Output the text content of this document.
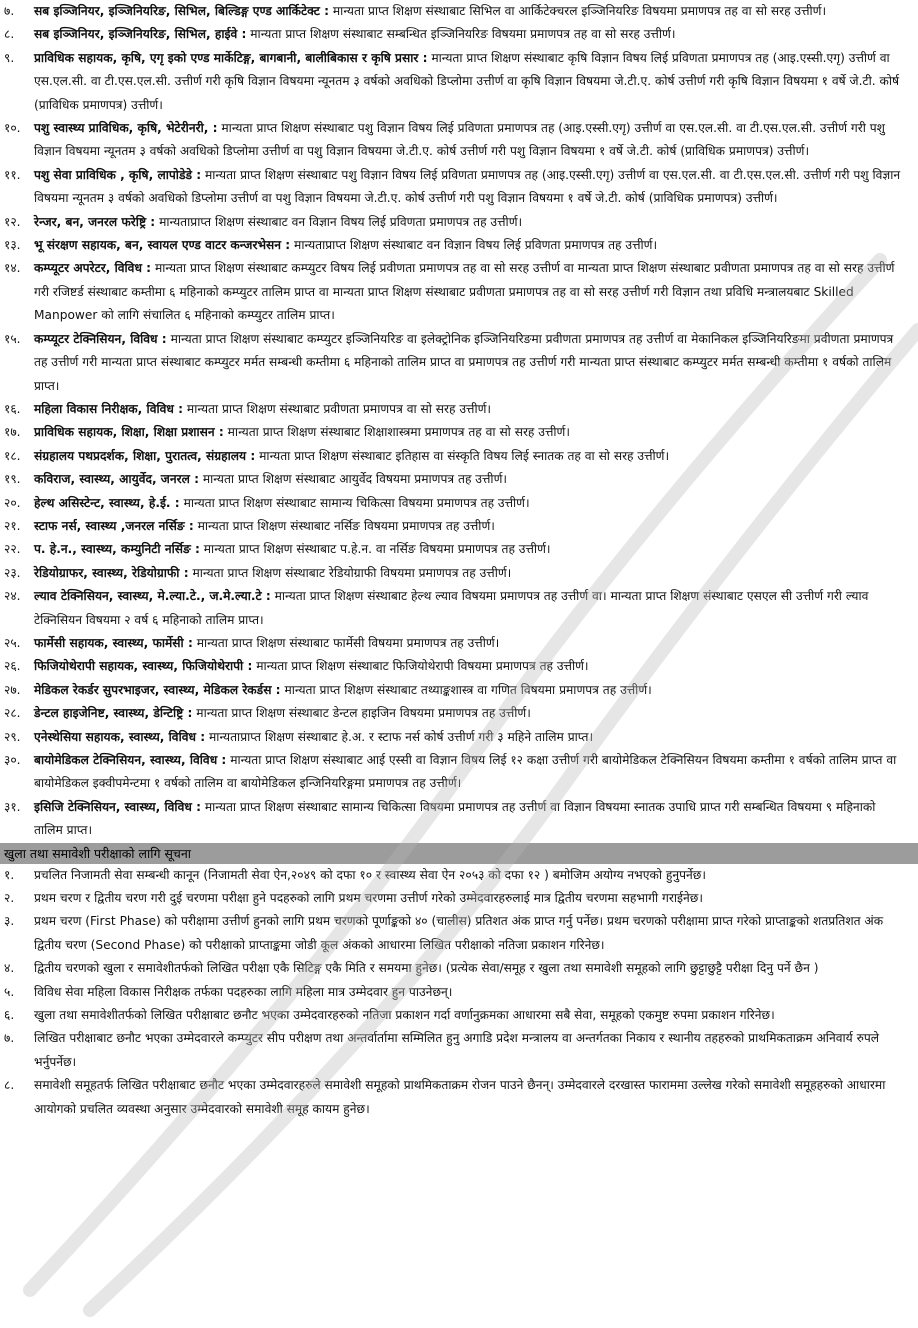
७.	सब इञ्जिनियर, इञ्जिनियरिङ, सिभिल, बिल्डिङ्ग एण्ड आर्किटेक्ट : मान्यता प्राप्त शिक्षण संस्थाबाट सिभिल वा आर्किटेक्चरल इञ्जिनियरिङ विषयमा प्रमाणपत्र तह वा सो सरह उत्तीर्ण।
८.	सब इञ्जिनियर, इञ्जिनियरिङ, सिभिल, हाईवे : मान्यता प्राप्त शिक्षण संस्थाबाट सम्बन्धित इञ्जिनियरिङ विषयमा प्रमाणपत्र तह वा सो सरह उत्तीर्ण।
९.	प्राविधिक सहायक, कृषि, एगृ इको एण्ड मार्केटिङ्ग, बागबानी, बालीबिकास र कृषि प्रसार : मान्यता प्राप्त शिक्षण संस्थाबाट कृषि विज्ञान विषय लिई प्रविणता प्रमाणपत्र तह (आइ.एस्सी.एगृ) उत्तीर्ण वा एस.एल.सी. वा टी.एस.एल.सी. उत्तीर्ण गरी कृषि विज्ञान विषयमा न्यूनतम ३ वर्षको अवधिको डिप्लोमा उत्तीर्ण वा कृषि विज्ञान विषयमा जे.टी.ए. कोर्ष उत्तीर्ण गरी कृषि विज्ञान विषयमा १ वर्षे जे.टी. कोर्ष (प्राविधिक प्रमाणपत्र) उत्तीर्ण।
१०.	पशु स्वास्थ्य प्राविधिक, कृषि, भेटेरीनरी, : मान्यता प्राप्त शिक्षण संस्थाबाट पशु विज्ञान विषय लिई प्रविणता प्रमाणपत्र तह (आइ.एस्सी.एगृ) उत्तीर्ण वा एस.एल.सी. वा टी.एस.एल.सी. उत्तीर्ण गरी पशु विज्ञान विषयमा न्यूनतम ३ वर्षको अवधिको डिप्लोमा उत्तीर्ण वा पशु विज्ञान विषयमा जे.टी.ए. कोर्ष उत्तीर्ण गरी पशु विज्ञान विषयमा १ वर्षे जे.टी. कोर्ष (प्राविधिक प्रमाणपत्र) उत्तीर्ण।
११.	पशु सेवा प्राविधिक , कृषि, लापोडेडे : मान्यता प्राप्त शिक्षण संस्थाबाट पशु विज्ञान विषय लिई प्रविणता प्रमाणपत्र तह (आइ.एस्सी.एगृ) उत्तीर्ण वा एस.एल.सी. वा टी.एस.एल.सी. उत्तीर्ण गरी पशु विज्ञान विषयमा न्यूनतम ३ वर्षको अवधिको डिप्लोमा उत्तीर्ण वा पशु विज्ञान विषयमा जे.टी.ए. कोर्ष उत्तीर्ण गरी पशु विज्ञान विषयमा १ वर्षे जे.टी. कोर्ष (प्राविधिक प्रमाणपत्र) उत्तीर्ण।
१२.	रेन्जर, बन, जनरल फरेष्ट्रि : मान्यताप्राप्त शिक्षण संस्थाबाट वन विज्ञान विषय लिई प्रविणता प्रमाणपत्र तह उत्तीर्ण।
१३.	भू संरक्षण सहायक, बन, स्वायल एण्ड वाटर कन्जरभेसन : मान्यताप्राप्त शिक्षण संस्थाबाट वन विज्ञान विषय लिई प्रविणता प्रमाणपत्र तह उत्तीर्ण।
१४.	कम्प्यूटर अपरेटर, विविध : मान्यता प्राप्त शिक्षण संस्थाबाट कम्प्युटर विषय लिई प्रवीणता प्रमाणपत्र तह वा सो सरह उत्तीर्ण वा मान्यता प्राप्त शिक्षण संस्थाबाट प्रवीणता प्रमाणपत्र तह वा सो सरह उत्तीर्ण गरी रजिष्टर्ड संस्थाबाट कम्तीमा ६ महिनाको कम्प्युटर तालिम प्राप्त वा मान्यता प्राप्त शिक्षण संस्थाबाट प्रवीणता प्रमाणपत्र तह वा सो सरह उत्तीर्ण गरी विज्ञान तथा प्रविधि मन्त्रालयबाट Skilled Manpower को लागि संचालित ६ महिनाको कम्प्युटर तालिम प्राप्त।
१५.	कम्प्यूटर टेक्निसियन, विविध : मान्यता प्राप्त शिक्षण संस्थाबाट कम्प्युटर इञ्जिनियरिङ वा इलेक्ट्रोनिक इञ्जिनियरिङमा प्रवीणता प्रमाणपत्र तह उत्तीर्ण वा मेकानिकल इञ्जिनियरिङमा प्रवीणता प्रमाणपत्र तह उत्तीर्ण गरी मान्यता प्राप्त संस्थाबाट कम्प्युटर मर्मत सम्बन्धी कम्तीमा ६ महिनाको तालिम प्राप्त वा प्रमाणपत्र तह उत्तीर्ण गरी मान्यता प्राप्त संस्थाबाट कम्प्युटर मर्मत सम्बन्धी कम्तीमा १ वर्षको तालिम प्राप्त।
१६.	महिला विकास निरीक्षक, विविध : मान्यता प्राप्त शिक्षण संस्थाबाट प्रवीणता प्रमाणपत्र वा सो सरह उत्तीर्ण।
१७.	प्राविधिक सहायक, शिक्षा, शिक्षा प्रशासन : मान्यता प्राप्त शिक्षण संस्थाबाट शिक्षाशास्त्रमा प्रमाणपत्र तह वा सो सरह उत्तीर्ण।
१८.	संग्रहालय पथप्रदर्शक, शिक्षा, पुरातत्व, संग्रहालय : मान्यता प्राप्त शिक्षण संस्थाबाट इतिहास वा संस्कृति विषय लिई स्नातक तह वा सो सरह उत्तीर्ण।
१९.	कविराज, स्वास्थ्य, आयुर्वेद, जनरल : मान्यता प्राप्त शिक्षण संस्थाबाट आयुर्वेद विषयमा प्रमाणपत्र तह उत्तीर्ण।
२०.	हेल्थ असिस्टेन्ट, स्वास्थ्य, हे.ई. : मान्यता प्राप्त शिक्षण संस्थाबाट सामान्य चिकित्सा विषयमा प्रमाणपत्र तह उत्तीर्ण।
२१.	स्टाफ नर्स, स्वास्थ्य ,जनरल नर्सिङ : मान्यता प्राप्त शिक्षण संस्थाबाट नर्सिङ विषयमा प्रमाणपत्र तह उत्तीर्ण।
२२.	प. हे.न., स्वास्थ्य, कम्युनिटी नर्सिङ : मान्यता प्राप्त शिक्षण संस्थाबाट प.हे.न. वा नर्सिङ विषयमा प्रमाणपत्र तह उत्तीर्ण।
२३.	रेडियोग्राफर, स्वास्थ्य, रेडियोग्राफी : मान्यता प्राप्त शिक्षण संस्थाबाट रेडियोग्राफी विषयमा प्रमाणपत्र तह उत्तीर्ण।
२४.	ल्याव टेक्निसियन, स्वास्थ्य, मे.ल्या.टे., ज.मे.ल्या.टे : मान्यता प्राप्त शिक्षण संस्थाबाट हेल्थ ल्याव विषयमा प्रमाणपत्र तह उत्तीर्ण वा। मान्यता प्राप्त शिक्षण संस्थाबाट एसएल सी उत्तीर्ण गरी ल्याव टेक्निसियन विषयमा २ वर्ष ६ महिनाको तालिम प्राप्त।
२५.	फार्मेसी सहायक, स्वास्थ्य, फार्मेसी : मान्यता प्राप्त शिक्षण संस्थाबाट फार्मेसी विषयमा प्रमाणपत्र तह उत्तीर्ण।
२६.	फिजियोथेरापी सहायक, स्वास्थ्य, फिजियोथेरापी : मान्यता प्राप्त शिक्षण संस्थाबाट फिजियोथेरापी विषयमा प्रमाणपत्र तह उत्तीर्ण।
२७.	मेडिकल रेकर्डर सुपरभाइजर, स्वास्थ्य, मेडिकल रेकर्डस : मान्यता प्राप्त शिक्षण संस्थाबाट तथ्याङ्कशास्त्र वा गणित विषयमा प्रमाणपत्र तह उत्तीर्ण।
२८.	डेन्टल हाइजेनिष्ट, स्वास्थ्य, डेन्टिष्ट्रि : मान्यता प्राप्त शिक्षण संस्थाबाट डेन्टल हाइजिन विषयमा प्रमाणपत्र तह उत्तीर्ण।
२९.	एनेस्थेसिया सहायक, स्वास्थ्य, विविध : मान्यताप्राप्त शिक्षण संस्थाबाट हे.अ. र स्टाफ नर्स कोर्ष उत्तीर्ण गरी ३ महिने तालिम प्राप्त।
३०.	बायोमेडिकल टेक्निसियन, स्वास्थ्य, विविध : मान्यता प्राप्त शिक्षण संस्थाबाट आई एस्सी वा विज्ञान विषय लिई १२ कक्षा उत्तीर्ण गरी बायोमेडिकल टेक्निसियन विषयमा कम्तीमा १ वर्षको तालिम प्राप्त वा बायोमेडिकल इक्वीपमेन्टमा १ वर्षको तालिम वा बायोमेडिकल इन्जिनियरिङ्गमा प्रमाणपत्र तह उत्तीर्ण।
३१.	इसिजि टेक्निसियन, स्वास्थ्य, विविध : मान्यता प्राप्त शिक्षण संस्थाबाट सामान्य चिकित्सा विषयमा प्रमाणपत्र तह उत्तीर्ण वा विज्ञान विषयमा स्नातक उपाधि प्राप्त गरी सम्बन्धित विषयमा ९ महिनाको तालिम प्राप्त।
खुला तथा समावेशी परीक्षाको लागि सूचना
१.	प्रचलित निजामती सेवा सम्बन्धी कानून (निजामती सेवा ऐन,२०४९ को दफा १० र स्वास्थ्य सेवा ऐन २०५३ को दफा १२ ) बमोजिम अयोग्य नभएको हुनुपर्नेछ।
२.	प्रथम चरण र द्वितीय चरण गरी दुई चरणमा परीक्षा हुने पदहरुको लागि प्रथम चरणमा उत्तीर्ण गरेको उम्मेदवारहरुलाई मात्र द्वितीय चरणमा सहभागी गराईनेछ।
३.	प्रथम चरण (First Phase) को परीक्षामा उत्तीर्ण हुनको लागि प्रथम चरणको पूर्णाङ्कको ४० (चालीस) प्रतिशत अंक प्राप्त गर्नु पर्नेछ। प्रथम चरणको परीक्षामा प्राप्त गरेको प्राप्ताङ्कको शतप्रतिशत अंक द्वितीय चरण (Second Phase) को परीक्षाको प्राप्ताङ्कमा जोडी कूल अंकको आधारमा लिखित परीक्षाको नतिजा प्रकाशन गरिनेछ।
४.	द्वितीय चरणको खुला र समावेशीतर्फको लिखित परीक्षा एकै सिटिङ्ग एकै मिति र समयमा हुनेछ। (प्रत्येक सेवा/समूह र खुला तथा समावेशी समूहको लागि छुट्टाछुट्टै परीक्षा दिनु पर्ने छैन )
५.	विविध सेवा महिला विकास निरीक्षक तर्फका पदहरुका लागि महिला मात्र उम्मेदवार हुन पाउनेछन्।
६.	खुला तथा समावेशीतर्फको लिखित परीक्षाबाट छनौट भएका उम्मेदवारहरुको नतिजा प्रकाशन गर्दा वर्णानुक्रमका आधारमा सबै सेवा, समूहको एकमुष्ट रुपमा प्रकाशन गरिनेछ।
७.	लिखित परीक्षाबाट छनौट भएका उम्मेदवारले कम्प्युटर सीप परीक्षण तथा अन्तर्वार्तामा सम्मिलित हुनु अगाडि प्रदेश मन्त्रालय वा अन्तर्गतका निकाय र स्थानीय तहहरुको प्राथमिकताक्रम अनिवार्य रुपले भर्नुपर्नेछ।
८.	समावेशी समूहतर्फ लिखित परीक्षाबाट छनौट भएका उम्मेदवारहरुले समावेशी समूहको प्राथमिकताक्रम रोजन पाउने छैनन्। उम्मेदवारले दरखास्त फाराममा उल्लेख गरेको समावेशी समूहहरुको आधारमा आयोगको प्रचलित व्यवस्था अनुसार उम्मेदवारको समावेशी समूह कायम हुनेछ।
